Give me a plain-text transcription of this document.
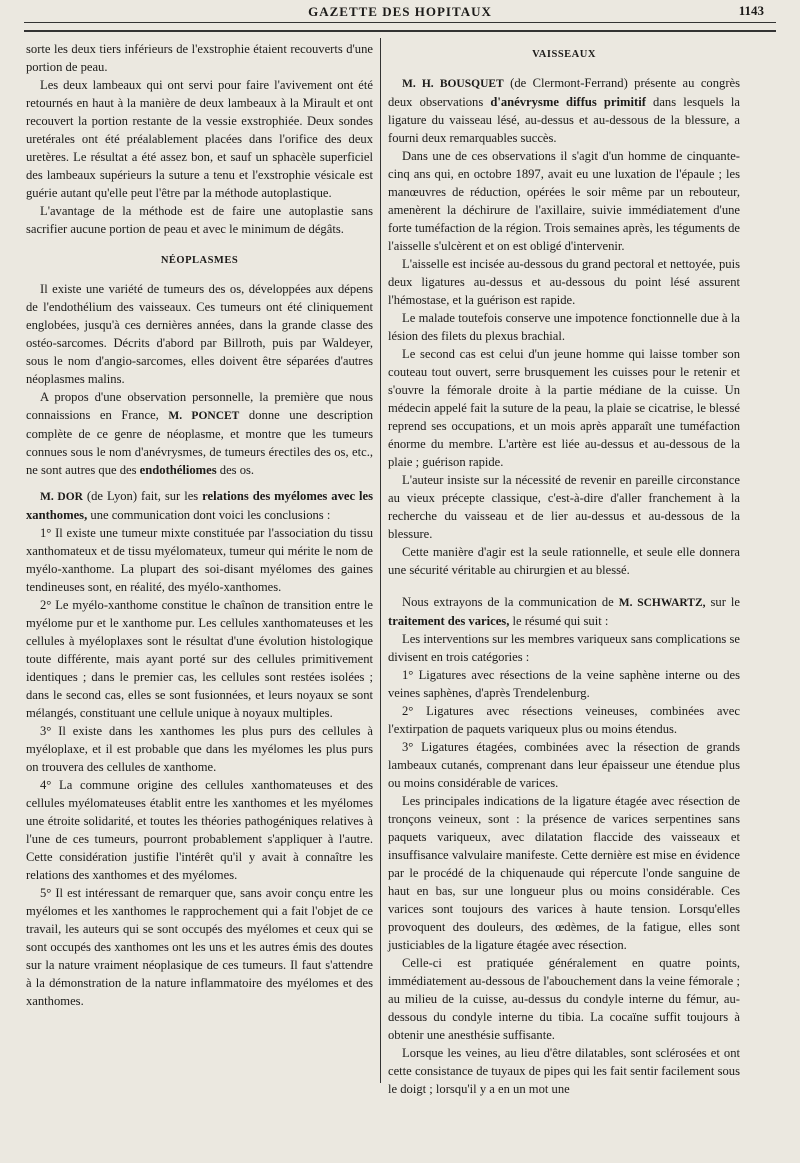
GAZETTE DES HOPITAUX	1143

sorte les deux tiers inférieurs de l'exstrophie étaient recouverts d'une portion de peau.

Les deux lambeaux qui ont servi pour faire l'avivement ont été retournés en haut à la manière de deux lambeaux à la Mirault et ont recouvert la portion restante de la vessie exstrophiée. Deux sondes uretérales ont été préalablement placées dans l'orifice des deux uretères. Le résultat a été assez bon, et sauf un sphacèle superficiel des lambeaux supérieurs la suture a tenu et l'exstrophie vésicale est guérie autant qu'elle peut l'être par la méthode autoplastique.

L'avantage de la méthode est de faire une autoplastie sans sacrifier aucune portion de peau et avec le minimum de dégâts.

NÉOPLASMES

Il existe une variété de tumeurs des os, développées aux dépens de l'endothélium des vaisseaux. Ces tumeurs ont été cliniquement englobées, jusqu'à ces dernières années, dans la grande classe des ostéo-sarcomes. Décrits d'abord par Billroth, puis par Waldeyer, sous le nom d'angio-sarcomes, elles doivent être séparées d'autres néoplasmes malins.

A propos d'une observation personnelle, la première que nous connaissions en France, M. PONCET donne une description complète de ce genre de néoplasme, et montre que les tumeurs connues sous le nom d'anévrysmes, de tumeurs érectiles des os, etc., ne sont autres que des endothéliomes des os.

M. DOR (de Lyon) fait, sur les relations des myélomes avec les xanthomes, une communication dont voici les conclusions :

1° Il existe une tumeur mixte constituée par l'association du tissu xanthomateux et de tissu myélomateux, tumeur qui mérite le nom de myélo-xanthome. La plupart des soi-disant myélomes des gaines tendineuses sont, en réalité, des myélo-xanthomes.

2° Le myélo-xanthome constitue le chaînon de transition entre le myélome pur et le xanthome pur. Les cellules xanthomateuses et les cellules à myéloplaxes sont le résultat d'une évolution histologique toute différente, mais ayant porté sur des cellules primitivement identiques ; dans le premier cas, les cellules sont restées isolées ; dans le second cas, elles se sont fusionnées, et leurs noyaux se sont mélangés, constituant une cellule unique à noyaux multiples.

3° Il existe dans les xanthomes les plus purs des cellules à myéloplaxe, et il est probable que dans les myélomes les plus purs on trouvera des cellules de xanthome.

4° La commune origine des cellules xanthomateuses et des cellules myélomateuses établit entre les xanthomes et les myélomes une étroite solidarité, et toutes les théories pathogéniques relatives à l'une de ces tumeurs, pourront probablement s'appliquer à l'autre. Cette considération justifie l'intérêt qu'il y avait à connaître les relations des xanthomes et des myélomes.

5° Il est intéressant de remarquer que, sans avoir conçu entre les myélomes et les xanthomes le rapprochement qui a fait l'objet de ce travail, les auteurs qui se sont occupés des myélomes et ceux qui se sont occupés des xanthomes ont les uns et les autres émis des doutes sur la nature vraiment néoplasique de ces tumeurs. Il faut s'attendre à la démonstration de la nature inflammatoire des myélomes et des xanthomes.

VAISSEAUX

M. H. BOUSQUET (de Clermont-Ferrand) présente au congrès deux observations d'anévrysme diffus primitif dans lesquels la ligature du vaisseau lésé, au-dessus et au-dessous de la blessure, a fourni deux remarquables succès.

Dans une de ces observations il s'agit d'un homme de cinquante-cinq ans qui, en octobre 1897, avait eu une luxation de l'épaule ; les manœuvres de réduction, opérées le soir même par un rebouteur, amenèrent la déchirure de l'axillaire, suivie immédiatement d'une forte tuméfaction de la région. Trois semaines après, les téguments de l'aisselle s'ulcèrent et on est obligé d'intervenir.

L'aisselle est incisée au-dessous du grand pectoral et nettoyée, puis deux ligatures au-dessus et au-dessous du point lésé assurent l'hémostase, et la guérison est rapide.

Le malade toutefois conserve une impotence fonctionnelle due à la lésion des filets du plexus brachial.

Le second cas est celui d'un jeune homme qui laisse tomber son couteau tout ouvert, serre brusquement les cuisses pour le retenir et s'ouvre la fémorale droite à la partie médiane de la cuisse. Un médecin appelé fait la suture de la peau, la plaie se cicatrise, le blessé reprend ses occupations, et un mois après apparaît une tuméfaction énorme du membre. L'artère est liée au-dessus et au-dessous de la plaie ; guérison rapide.

L'auteur insiste sur la nécessité de revenir en pareille circonstance au vieux précepte classique, c'est-à-dire d'aller franchement à la recherche du vaisseau et de lier au-dessus et au-dessous de la blessure.

Cette manière d'agir est la seule rationnelle, et seule elle donnera une sécurité véritable au chirurgien et au blessé.

Nous extrayons de la communication de M. SCHWARTZ, sur le traitement des varices, le résumé qui suit :

Les interventions sur les membres variqueux sans complications se divisent en trois catégories :

1° Ligatures avec résections de la veine saphène interne ou des veines saphènes, d'après Trendelenburg.

2° Ligatures avec résections veineuses, combinées avec l'extirpation de paquets variqueux plus ou moins étendus.

3° Ligatures étagées, combinées avec la résection de grands lambeaux cutanés, comprenant dans leur épaisseur une étendue plus ou moins considérable de varices.

Les principales indications de la ligature étagée avec résection de tronçons veineux, sont : la présence de varices serpentines sans paquets variqueux, avec dilatation flaccide des vaisseaux et insuffisance valvulaire manifeste. Cette dernière est mise en évidence par le procédé de la chiquenaude qui répercute l'onde sanguine de haut en bas, sur une longueur plus ou moins considérable. Ces varices sont toujours des varices à haute tension. Lorsqu'elles provoquent des douleurs, des œdèmes, de la fatigue, elles sont justiciables de la ligature étagée avec résection.

Celle-ci est pratiquée généralement en quatre points, immédiatement au-dessous de l'abouchement dans la veine fémorale ; au milieu de la cuisse, au-dessus du condyle interne du fémur, au-dessous du condyle interne du tibia. La cocaïne suffit toujours à obtenir une anesthésie suffisante.

Lorsque les veines, au lieu d'être dilatables, sont sclérosées et ont cette consistance de tuyaux de pipes qui les fait sentir facilement sous le doigt ; lorsqu'il y a en un mot une
